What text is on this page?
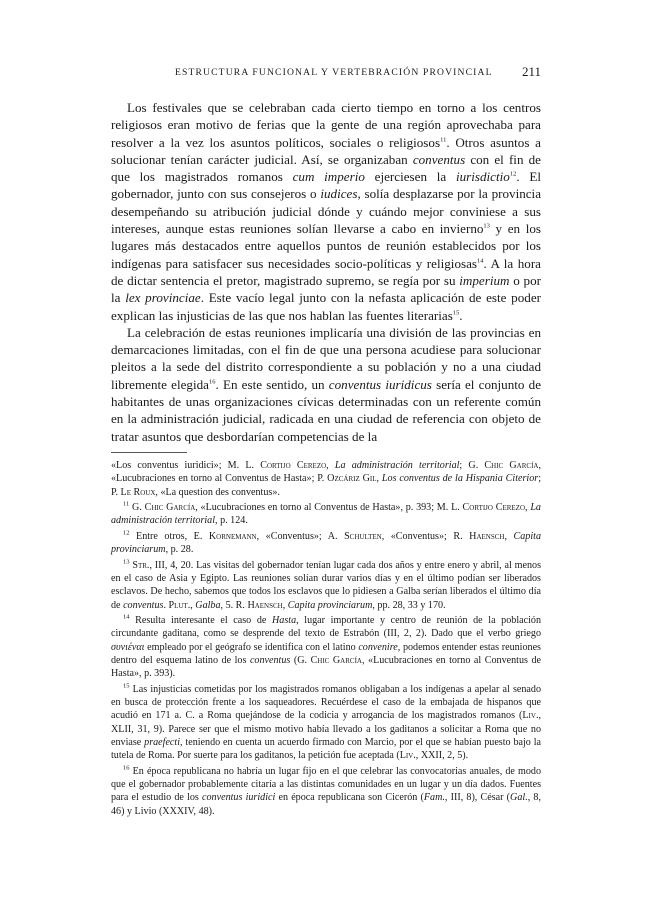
ESTRUCTURA FUNCIONAL Y VERTEBRACIÓN PROVINCIAL 211

Los festivales que se celebraban cada cierto tiempo en torno a los centros religiosos eran motivo de ferias que la gente de una región aprovechaba para resolver a la vez los asuntos políticos, sociales o religiosos$^{11}$. Otros asuntos a solucionar tenían carácter judicial. Así, se organizaban conventus con el fin de que los magistrados romanos cum imperio ejerciesen la iurisdictio$^{12}$. El gobernador, junto con sus consejeros o iudices, solía desplazarse por la provincia desempeñando su atribución judicial dónde y cuándo mejor conviniese a sus intereses, aunque estas reuniones solían llevarse a cabo en invierno$^{13}$ y en los lugares más destacados entre aquellos puntos de reunión establecidos por los indígenas para satisfacer sus necesidades socio-políticas y religiosas$^{14}$. A la hora de dictar sentencia el pretor, magistrado supremo, se regía por su imperium o por la lex provinciae. Este vacío legal junto con la nefasta aplicación de este poder explican las injusticias de las que nos hablan las fuentes literarias$^{15}$.

La celebración de estas reuniones implicaría una división de las provincias en demarcaciones limitadas, con el fin de que una persona acudiese para solucionar pleitos a la sede del distrito correspondiente a su población y no a una ciudad libremente elegida$^{16}$. En este sentido, un conventus iuridicus sería el conjunto de habitantes de unas organizaciones cívicas determinadas con un referente común en la administración judicial, radicada en una ciudad de referencia con objeto de tratar asuntos que desbordarían competencias de la

«Los conventus iuridici»; M. L. Cortijo Cerezo, La administración territorial; G. Chic García, «Lucubraciones en torno al Conventus de Hasta»; P. Ozcáriz Gil, Los conventus de la Hispania Citerior; P. Le Roux, «La question des conventus».

$^{11}$ G. Chic García, «Lucubraciones en torno al Conventus de Hasta», p. 393; M. L. Cortijo Cerezo, La administración territorial, p. 124.

$^{12}$ Entre otros, E. Kornemann, «Conventus»; A. Schulten, «Conventus»; R. Haensch, Capita provinciarum, p. 28.

$^{13}$ Str., III, 4, 20. Las visitas del gobernador tenían lugar cada dos años y entre enero y abril, al menos en el caso de Asia y Egipto. Las reuniones solían durar varios días y en el último podían ser liberados esclavos. De hecho, sabemos que todos los esclavos que lo pidiesen a Galba serían liberados el último día de conventus. Plut., Galba, 5. R. Haensch, Capita provinciarum, pp. 28, 33 y 170.

$^{14}$ Resulta interesante el caso de Hasta, lugar importante y centro de reunión de la población circundante gaditana, como se desprende del texto de Estrabón (III, 2, 2). Dado que el verbo griego συνιέναι empleado por el geógrafo se identifica con el latino convenire, podemos entender estas reuniones dentro del esquema latino de los conventus (G. Chic García, «Lucubraciones en torno al Conventus de Hasta», p. 393).

$^{15}$ Las injusticias cometidas por los magistrados romanos obligaban a los indígenas a apelar al senado en busca de protección frente a los saqueadores. Recuérdese el caso de la embajada de hispanos que acudió en 171 a. C. a Roma quejándose de la codicia y arrogancia de los magistrados romanos (Liv., XLII, 31, 9). Parece ser que el mismo motivo había llevado a los gaditanos a solicitar a Roma que no enviase praefecti, teniendo en cuenta un acuerdo firmado con Marcio, por el que se habían puesto bajo la tutela de Roma. Por suerte para los gaditanos, la petición fue aceptada (Liv., XXII, 2, 5).

$^{16}$ En época republicana no habría un lugar fijo en el que celebrar las convocatorias anuales, de modo que el gobernador probablemente citaría a las distintas comunidades en un lugar y un día dados. Fuentes para el estudio de los conventus iuridici en época republicana son Cicerón (Fam., III, 8), César (Gal., 8, 46) y Livio (XXXIV, 48).
